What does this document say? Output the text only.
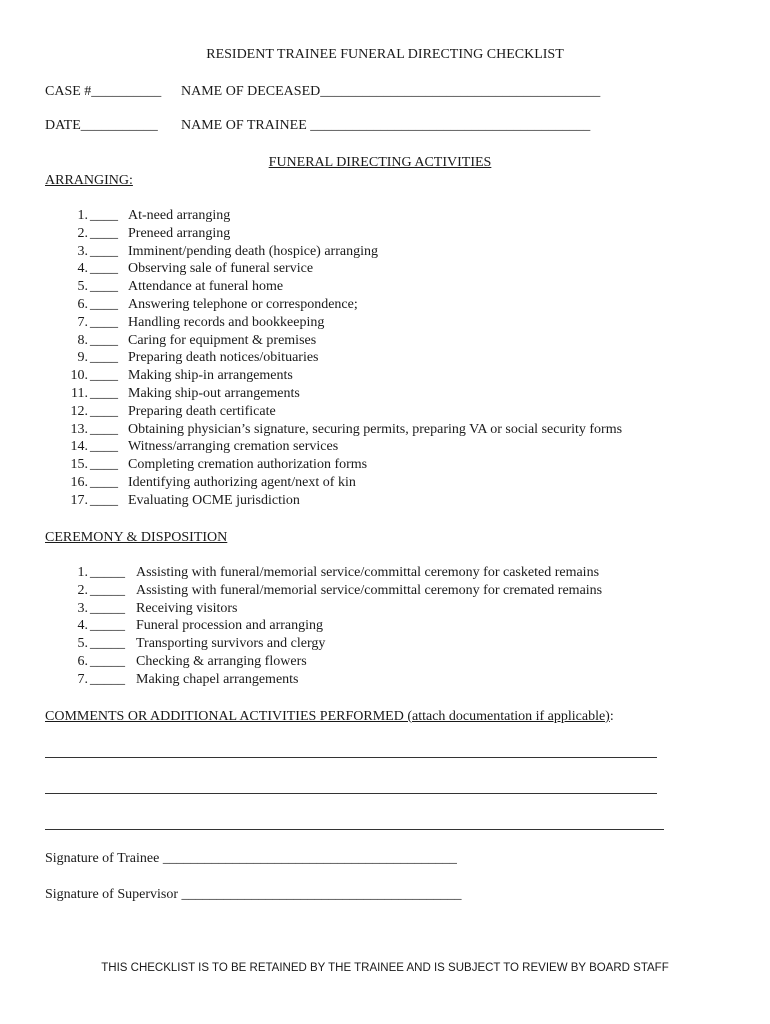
RESIDENT TRAINEE FUNERAL DIRECTING CHECKLIST
CASE #__________ NAME OF DECEASED________________________________________
DATE___________ NAME OF TRAINEE ________________________________________
FUNERAL DIRECTING ACTIVITIES
ARRANGING:
1. ____ At-need arranging
2. ____ Preneed arranging
3. ____ Imminent/pending death (hospice) arranging
4. ____ Observing sale of funeral service
5. ____ Attendance at funeral home
6. ____ Answering telephone or correspondence;
7. ____ Handling records and bookkeeping
8. ____ Caring for equipment & premises
9. ____ Preparing death notices/obituaries
10. ____ Making ship-in arrangements
11. ____ Making ship-out arrangements
12. ____ Preparing death certificate
13. ____ Obtaining physician’s signature, securing permits, preparing VA or social security forms
14. ____ Witness/arranging cremation services
15. ____ Completing cremation authorization forms
16. ____ Identifying authorizing agent/next of kin
17. ____ Evaluating OCME jurisdiction
CEREMONY & DISPOSITION
1. _____ Assisting with funeral/memorial service/committal ceremony for casketed remains
2. _____ Assisting with funeral/memorial service/committal ceremony for cremated remains
3. _____ Receiving visitors
4. _____ Funeral procession and arranging
5. _____ Transporting survivors and clergy
6. _____ Checking & arranging flowers
7. _____ Making chapel arrangements
COMMENTS OR ADDITIONAL ACTIVITIES PERFORMED (attach documentation if applicable):
Signature of Trainee __________________________________________
Signature of Supervisor ________________________________________
THIS CHECKLIST IS TO BE RETAINED BY THE TRAINEE AND IS SUBJECT TO REVIEW BY BOARD STAFF
